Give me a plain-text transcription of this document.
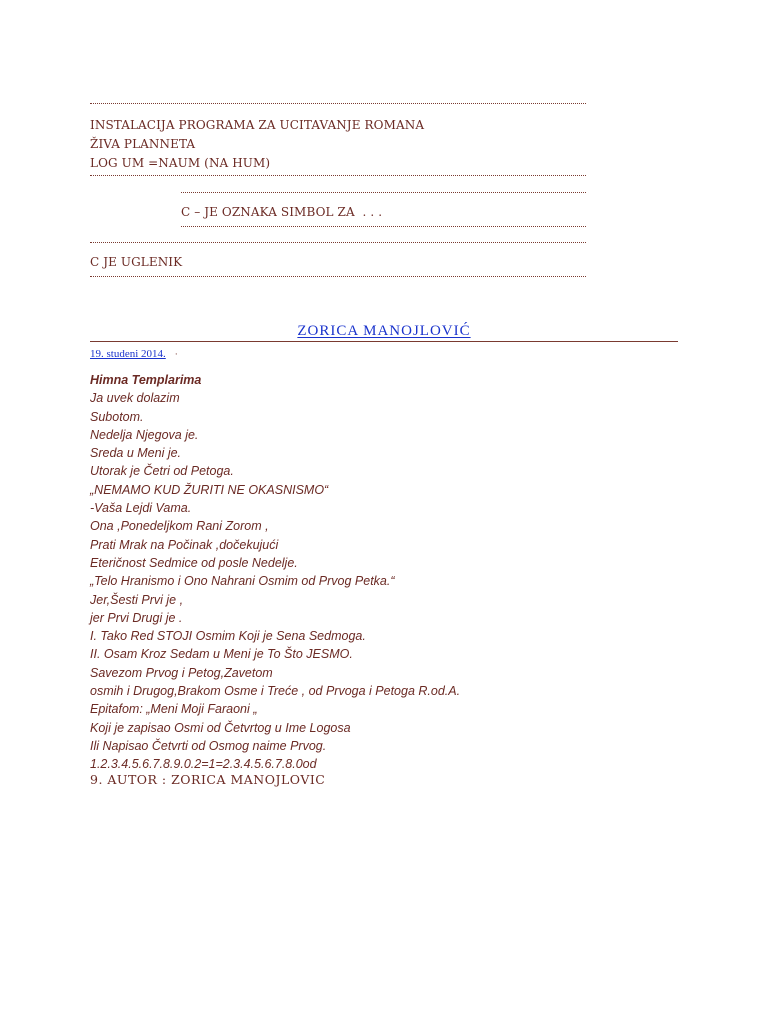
INSTALACIJA PROGRAMA ZA UCITAVANJE ROMANA
ŽIVA PLANNETA
LOG UM =NAUM (NA HUM)
C – JE OZNAKA SIMBOL ZA  . . .
C JE UGLENIK
ZORICA MANOJLOVIĆ
19. studeni 2014. ·
Himna Templarima
Ja uvek dolazim
Subotom.
Nedelja Njegova je.
Sreda u Meni je.
Utorak je Četri od Petoga.
„NEMAMO KUD ŽURITI NE OKASNISMO“
-Vaša Lejdi Vama.
Ona ,Ponedeljkom Rani Zorom ,
Prati Mrak na Počinak ,dočekujući
Eteričnost Sedmice od posle Nedelje.
„Telo Hranismo i Ono Nahrani Osmim od Prvog Petka.“
Jer,Šesti Prvi je ,
jer Prvi Drugi je .
I. Tako Red STOJI Osmim Koji je Sena Sedmoga.
II. Osam Kroz Sedam u Meni je To Što JESMO.
Savezom Prvog i Petog,Zavetom
osmih i Drugog,Brakom Osme i Treće , od Prvoga i Petoga R.od.A.
Epitafom: „Meni Moji Faraoni „
Koji je zapisao Osmi od Četvrtog u Ime Logosa
Ili Napisao Četvrti od Osmog naime Prvog.
1.2.3.4.5.6.7.8.9.0.2=1=2.3.4.5.6.7.8.0od
9. AUTOR : ZORICA MANOJLOVIC
